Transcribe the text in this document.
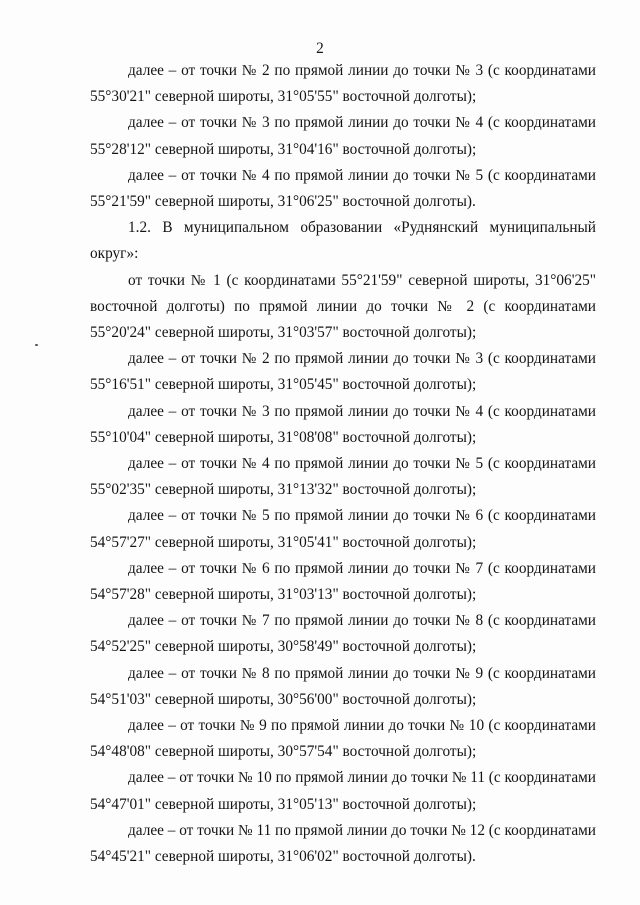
2

далее – от точки № 2 по прямой линии до точки № 3 (с координатами 55°30'21" северной широты, 31°05'55" восточной долготы);

далее – от точки № 3 по прямой линии до точки № 4 (с координатами 55°28'12" северной широты, 31°04'16" восточной долготы);

далее – от точки № 4 по прямой линии до точки № 5 (с координатами 55°21'59" северной широты, 31°06'25" восточной долготы).

1.2. В муниципальном образовании «Руднянский муниципальный округ»:

от точки № 1 (с координатами 55°21'59" северной широты, 31°06'25" восточной долготы) по прямой линии до точки № 2 (с координатами 55°20'24" северной широты, 31°03'57" восточной долготы);

далее – от точки № 2 по прямой линии до точки № 3 (с координатами 55°16'51" северной широты, 31°05'45" восточной долготы);

далее – от точки № 3 по прямой линии до точки № 4 (с координатами 55°10'04" северной широты, 31°08'08" восточной долготы);

далее – от точки № 4 по прямой линии до точки № 5 (с координатами 55°02'35" северной широты, 31°13'32" восточной долготы);

далее – от точки № 5 по прямой линии до точки № 6 (с координатами 54°57'27" северной широты, 31°05'41" восточной долготы);

далее – от точки № 6 по прямой линии до точки № 7 (с координатами 54°57'28" северной широты, 31°03'13" восточной долготы);

далее – от точки № 7 по прямой линии до точки № 8 (с координатами 54°52'25" северной широты, 30°58'49" восточной долготы);

далее – от точки № 8 по прямой линии до точки № 9 (с координатами 54°51'03" северной широты, 30°56'00" восточной долготы);

далее – от точки № 9 по прямой линии до точки № 10 (с координатами 54°48'08" северной широты, 30°57'54" восточной долготы);

далее – от точки № 10 по прямой линии до точки № 11 (с координатами 54°47'01" северной широты, 31°05'13" восточной долготы);

далее – от точки № 11 по прямой линии до точки № 12 (с координатами 54°45'21" северной широты, 31°06'02" восточной долготы).
